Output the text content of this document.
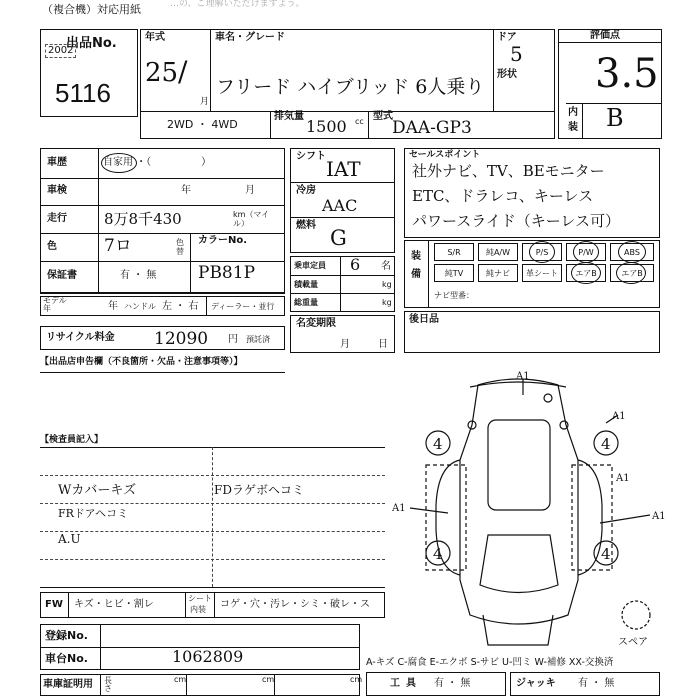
（複合機）対応用紙	…の、ご理解いただけますよう。
出品No.
2002
5116
年式
25 /
月
車名・グレード
フリード ハイブリッド 6人乗り
ドア
5
形状
2WD ・ 4WD
排気量
1500 cc 型式
DAA-GP3
評価点
3.5
内
装 B
車歴	自家用 ・（　　　　　）
車検	年	月
走行 8万8千430	km（マイル）
色	7ロ	色替
カラーNo.
PB81P
保証書	有 ・ 無
モデル年	年 ハンドル 左 ・ 右 ディーラー・並行
リサイクル料金 12090 円 預託済
シフト
IAT
冷房
AAC
燃料
G
乗車定員 6 名
積載量	kg
総重量	kg
名変期限
月日
セールスポイント
社外ナビ、TV、BEモニター
ETC、ドラレコ、キーレス
パワースライド（キーレス可）
装
備
S/R	純A/W	P/S	P/W	ABS
純TV	純ナビ	革シート	エアB	エアB
ナビ型番：
後日品
【出品店申告欄（不良箇所・欠品・注意事項等）】
【検査員記入】
Wカバーキズ
FRドアヘコミ
A.U
FDラゲボヘコミ
FW キズ・ヒビ・割レ
シート
内装 コゲ・穴・汚レ・シミ・破レ・ス
登録No.
車台No.	1062809
車庫証明用 長さ
cm	cm	cm
A-キズ C-腐食 E-エクボ S-サビ U-凹ミ W-補修 XX-交換済
工具 有 ・ 無	ジャッキ 有 ・ 無
4	4
4	4
A1
A1
A1
A1
A1
スペア
